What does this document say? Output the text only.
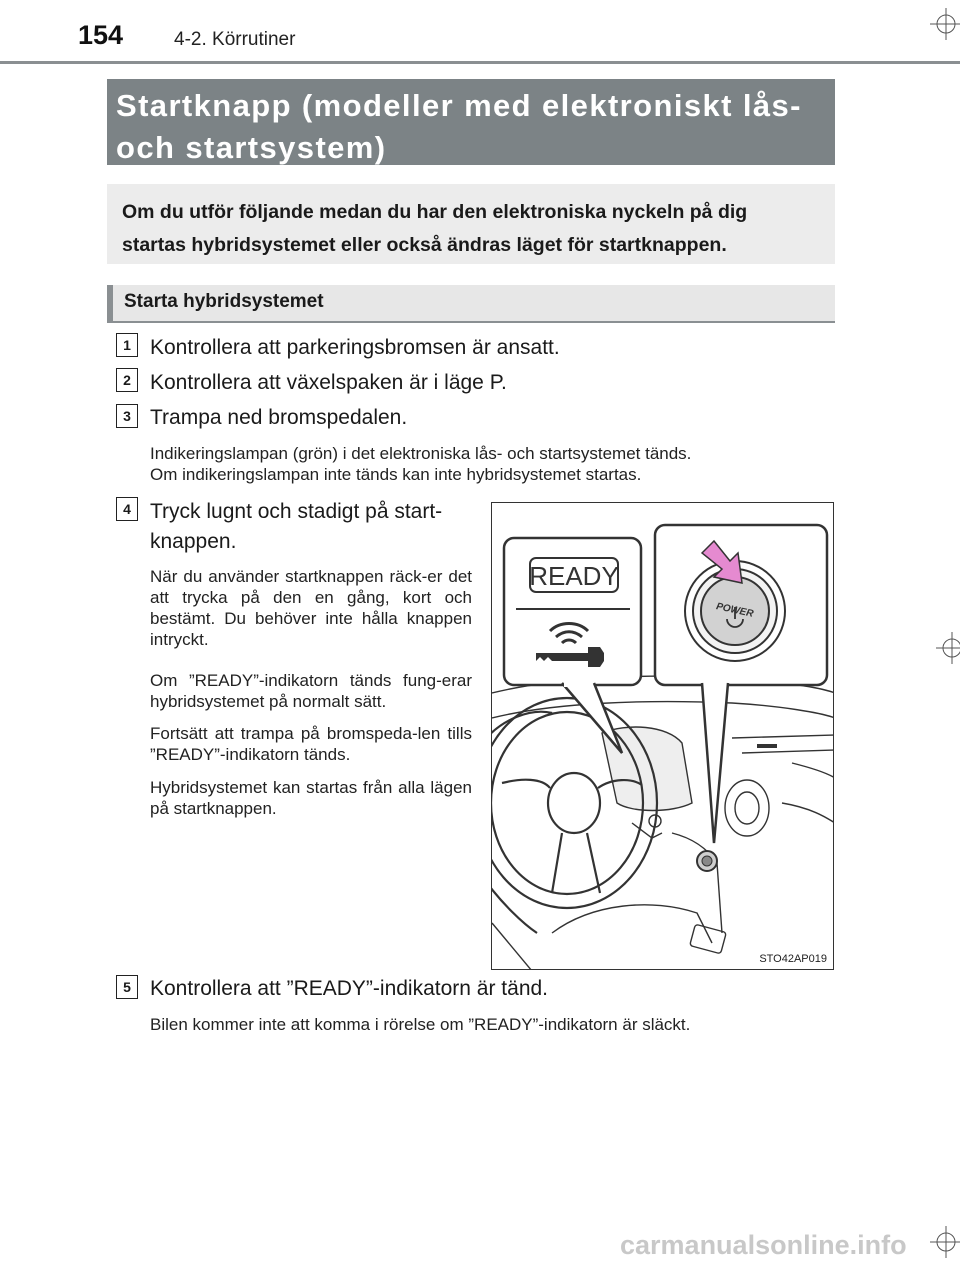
154	4-2. Körrutiner
Startknapp (modeller med elektroniskt lås-
och startsystem)
Om du utför följande medan du har den elektroniska nyckeln på dig
startas hybridsystemet eller också ändras läget för startknappen.
Starta hybridsystemet
1 Kontrollera att parkeringsbromsen är ansatt.
2 Kontrollera att växelspaken är i läge P.
3 Trampa ned bromspedalen.
Indikeringslampan (grön) i det elektroniska lås- och startsystemet tänds.
Om indikeringslampan inte tänds kan inte hybridsystemet startas.
4 Tryck lugnt och stadigt på start-
knappen.
När du använder startknappen räck-er det att trycka på den en gång, kort och bestämt. Du behöver inte hålla knappen intryckt.
Om ”READY”-indikatorn tänds fung-erar hybridsystemet på normalt sätt.
Fortsätt att trampa på bromspeda-len tills ”READY”-indikatorn tänds.
Hybridsystemet kan startas från alla lägen på startknappen.
READY
POWER
STO42AP019
5 Kontrollera att ”READY”-indikatorn är tänd.
Bilen kommer inte att komma i rörelse om ”READY”-indikatorn är släckt.
carmanualsonline.info
